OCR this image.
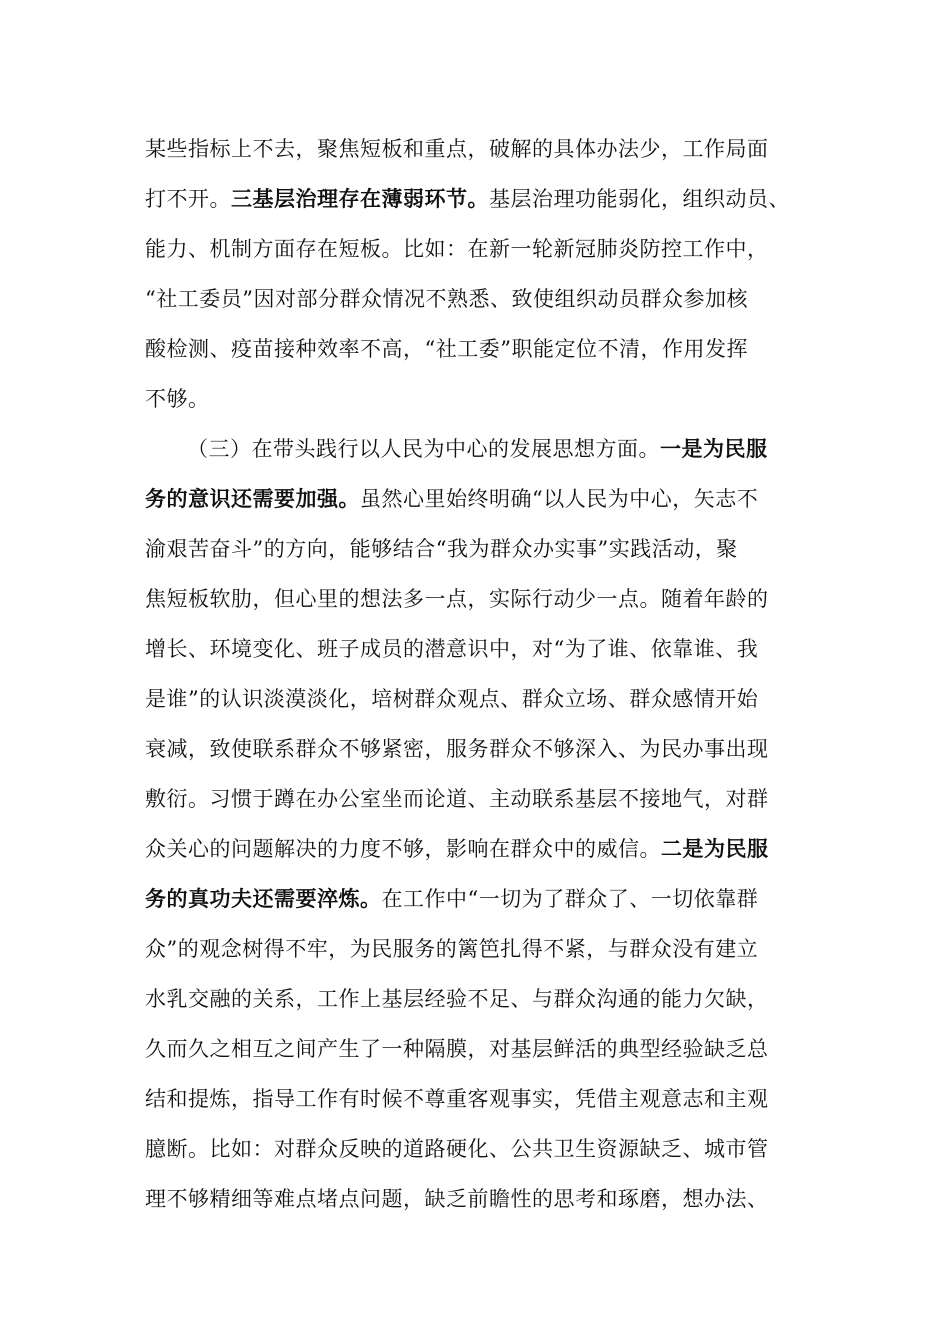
某些指标上不去，聚焦短板和重点，破解的具体办法少，工作局面
打不开。三基层治理存在薄弱环节。基层治理功能弱化，组织动员、
能力、机制方面存在短板。比如：在新一轮新冠肺炎防控工作中，
“社工委员”因对部分群众情况不熟悉、致使组织动员群众参加核
酸检测、疫苗接种效率不高，“社工委”职能定位不清，作用发挥
不够。
（三）在带头践行以人民为中心的发展思想方面。一是为民服
务的意识还需要加强。虽然心里始终明确“以人民为中心，矢志不
渝艰苦奋斗”的方向，能够结合“我为群众办实事”实践活动，聚
焦短板软肋，但心里的想法多一点，实际行动少一点。随着年龄的
增长、环境变化、班子成员的潜意识中，对“为了谁、依靠谁、我
是谁”的认识淡漠淡化，培树群众观点、群众立场、群众感情开始
衰减，致使联系群众不够紧密，服务群众不够深入、为民办事出现
敷衍。习惯于蹲在办公室坐而论道、主动联系基层不接地气，对群
众关心的问题解决的力度不够，影响在群众中的威信。二是为民服
务的真功夫还需要淬炼。在工作中“一切为了群众了、一切依靠群
众”的观念树得不牢，为民服务的篱笆扎得不紧，与群众没有建立
水乳交融的关系，工作上基层经验不足、与群众沟通的能力欠缺，
久而久之相互之间产生了一种隔膜，对基层鲜活的典型经验缺乏总
结和提炼，指导工作有时候不尊重客观事实，凭借主观意志和主观
臆断。比如：对群众反映的道路硬化、公共卫生资源缺乏、城市管
理不够精细等难点堵点问题，缺乏前瞻性的思考和琢磨，想办法、
